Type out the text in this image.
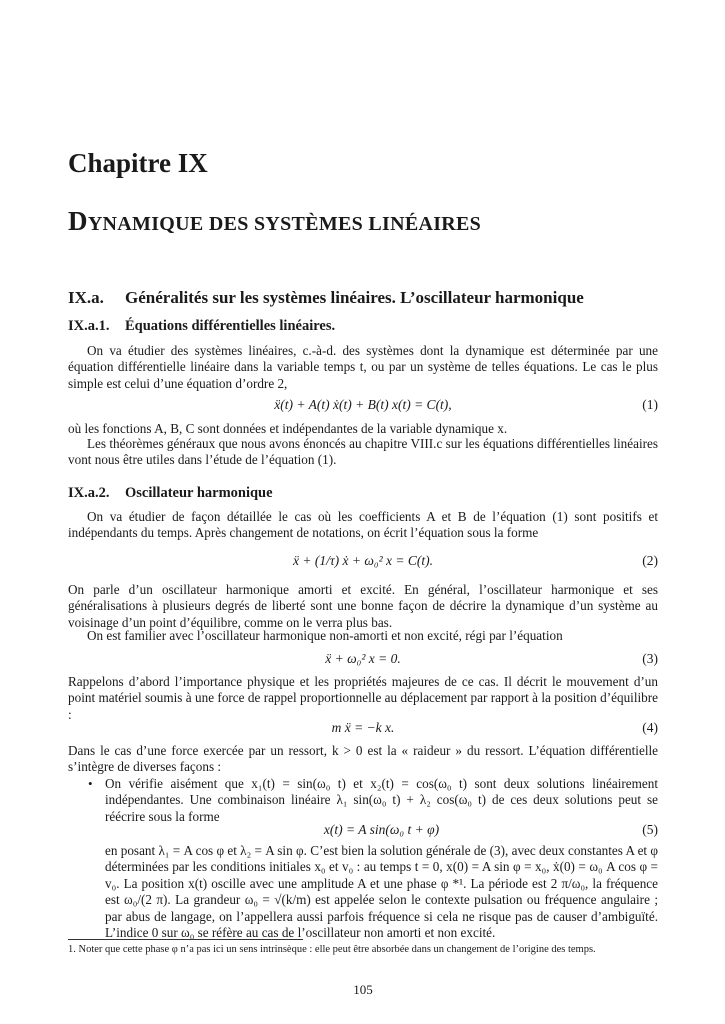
Chapitre IX
DYNAMIQUE DES SYSTÈMES LINÉAIRES
IX.a. Généralités sur les systèmes linéaires. L’oscillateur harmonique
IX.a.1. Équations différentielles linéaires.
On va étudier des systèmes linéaires, c.-à-d. des systèmes dont la dynamique est déterminée par une équation différentielle linéaire dans la variable temps t, ou par un système de telles équations. Le cas le plus simple est celui d’une équation d’ordre 2,
ẍ(t) + A(t) ẋ(t) + B(t) x(t) = C(t),	(1)
où les fonctions A, B, C sont données et indépendantes de la variable dynamique x.
Les théorèmes généraux que nous avons énoncés au chapitre VIII.c sur les équations différentielles linéaires vont nous être utiles dans l’étude de l’équation (1).
IX.a.2. Oscillateur harmonique
On va étudier de façon détaillée le cas où les coefficients A et B de l’équation (1) sont positifs et indépendants du temps. Après changement de notations, on écrit l’équation sous la forme
ẍ + (1/τ) ẋ + ω₀² x = C(t).	(2)
On parle d’un oscillateur harmonique amorti et excité. En général, l’oscillateur harmonique et ses généralisations à plusieurs degrés de liberté sont une bonne façon de décrire la dynamique d’un système au voisinage d’un point d’équilibre, comme on le verra plus bas.
On est familier avec l’oscillateur harmonique non-amorti et non excité, régi par l’équation
ẍ + ω₀² x = 0.	(3)
Rappelons d’abord l’importance physique et les propriétés majeures de ce cas. Il décrit le mouvement d’un point matériel soumis à une force de rappel proportionnelle au déplacement par rapport à la position d’équilibre :
m ẍ = −k x.	(4)
Dans le cas d’une force exercée par un ressort, k > 0 est la « raideur » du ressort. L’équation différentielle s’intègre de diverses façons :
• On vérifie aisément que x₁(t) = sin(ω₀ t) et x₂(t) = cos(ω₀ t) sont deux solutions linéairement indépendantes. Une combinaison linéaire λ₁ sin(ω₀ t) + λ₂ cos(ω₀ t) de ces deux solutions peut se réécrire sous la forme
x(t) = A sin(ω₀ t + φ)	(5)
en posant λ₁ = A cos φ et λ₂ = A sin φ. C’est bien la solution générale de (3), avec deux constantes A et φ déterminées par les conditions initiales x₀ et v₀ : au temps t = 0, x(0) = A sin φ = x₀, ẋ(0) = ω₀ A cos φ = v₀. La position x(t) oscille avec une amplitude A et une phase φ *¹. La période est 2 π/ω₀, la fréquence est ω₀/(2 π). La grandeur ω₀ = √(k/m) est appelée selon le contexte pulsation ou fréquence angulaire ; par abus de langage, on l’appellera aussi parfois fréquence si cela ne risque pas de causer d’ambiguïté. L’indice 0 sur ω₀ se réfère au cas de l’oscillateur non amorti et non excité.
1. Noter que cette phase φ n’a pas ici un sens intrinsèque : elle peut être absorbée dans un changement de l’origine des temps.
105
